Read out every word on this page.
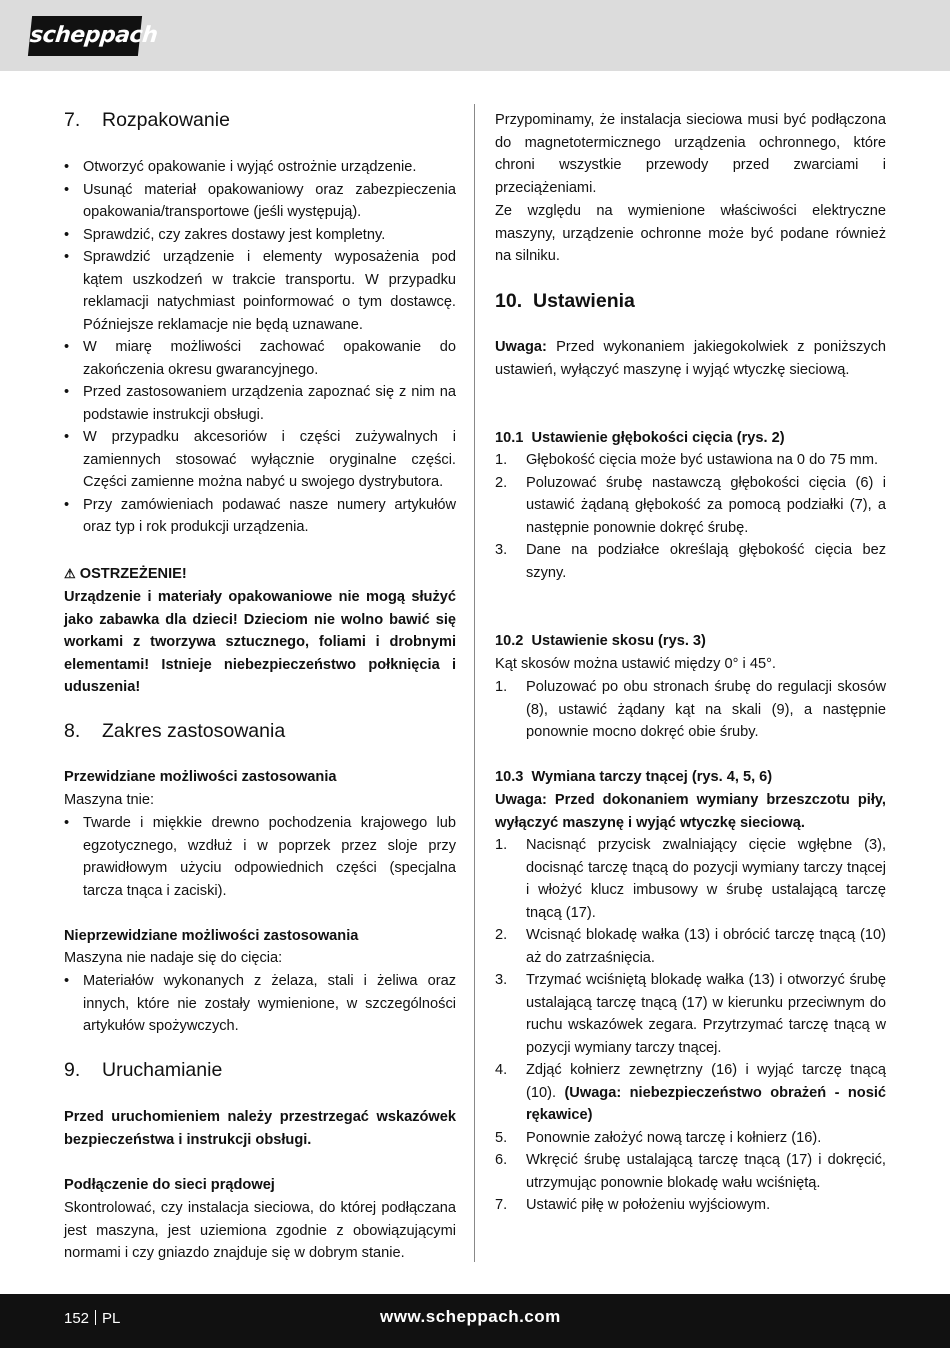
scheppach
7. Rozpakowanie
• Otworzyć opakowanie i wyjąć ostrożnie urządzenie.
• Usunąć materiał opakowaniowy oraz zabezpieczenia opakowania/transportowe (jeśli występują).
• Sprawdzić, czy zakres dostawy jest kompletny.
• Sprawdzić urządzenie i elementy wyposażenia pod kątem uszkodzeń w trakcie transportu. W przypadku reklamacji natychmiast poinformować o tym dostawcę. Późniejsze reklamacje nie będą uznawane.
• W miarę możliwości zachować opakowanie do zakończenia okresu gwarancyjnego.
• Przed zastosowaniem urządzenia zapoznać się z nim na podstawie instrukcji obsługi.
• W przypadku akcesoriów i części zużywalnych i zamiennych stosować wyłącznie oryginalne części. Części zamienne można nabyć u swojego dystrybutora.
• Przy zamówieniach podawać nasze numery artykułów oraz typ i rok produkcji urządzenia.
⚠ OSTRZEŻENIE!

Urządzenie i materiały opakowaniowe nie mogą służyć jako zabawka dla dzieci! Dzieciom nie wolno bawić się workami z tworzywa sztucznego, foliami i drobnymi elementami! Istnieje niebezpieczeństwo połknięcia i uduszenia!

8. Zakres zastosowania

Przewidziane możliwości zastosowania

Maszyna tnie:

• Twarde i miękkie drewno pochodzenia krajowego lub egzotycznego, wzdłuż i w poprzek przez sloje przy prawidłowym użyciu odpowiednich części (specjalna tarcza tnąca i zaciski).

Nieprzewidziane możliwości zastosowania

Maszyna nie nadaje się do cięcia:

• Materiałów wykonanych z żelaza, stali i żeliwa oraz innych, które nie zostały wymienione, w szczególności artykułów spożywczych.
9. Uruchamianie

Przed uruchomieniem należy przestrzegać wskazówek bezpieczeństwa i instrukcji obsługi.

Podłączenie do sieci prądowej

Skontrolować, czy instalacja sieciowa, do której podłączana jest maszyna, jest uziemiona zgodnie z obowiązującymi normami i czy gniazdo znajduje się w dobrym stanie.

Przypominamy, że instalacja sieciowa musi być podłączona do magnetotermicznego urządzenia ochronnego, które chroni wszystkie przewody przed zwarciami i przeciążeniami.

Ze względu na wymienione właściwości elektryczne maszyny, urządzenie ochronne może być podane również na silniku.

10. Ustawienia

Uwaga: Przed wykonaniem jakiegokolwiek z poniższych ustawień, wyłączyć maszynę i wyjąć wtyczkę sieciową.

10.1 Ustawienie głębokości cięcia (rys. 2)

1. Głębokość cięcia może być ustawiona na 0 do 75 mm.
2. Poluzować śrubę nastawczą głębokości cięcia (6) i ustawić żądaną głębokość za pomocą podziałki (7), a następnie ponownie dokręć śrubę.
3. Dane na podziałce określają głębokość cięcia bez szyny.

10.2 Ustawienie skosu (rys. 3)

Kąt skosów można ustawić między 0° i 45°.

1. Poluzować po obu stronach śrubę do regulacji skosów (8), ustawić żądany kąt na skali (9), a następnie ponownie mocno dokręć obie śruby.

10.3 Wymiana tarczy tnącej (rys. 4, 5, 6)

Uwaga: Przed dokonaniem wymiany brzeszczotu piły, wyłączyć maszynę i wyjąć wtyczkę sieciową.

1. Nacisnąć przycisk zwalniający cięcie wgłębne (3), docisnąć tarczę tnącą do pozycji wymiany tarczy tnącej i włożyć klucz imbusowy w śrubę ustalającą tarczę tnącą (17).
2. Wcisnąć blokadę wałka (13) i obrócić tarczę tnącą (10) aż do zatrzaśnięcia.
3. Trzymać wciśniętą blokadę wałka (13) i otworzyć śrubę ustalającą tarczę tnącą (17) w kierunku przeciwnym do ruchu wskazówek zegara. Przytrzymać tarczę tnącą w pozycji wymiany tarczy tnącej.
4. Zdjąć kołnierz zewnętrzny (16) i wyjąć tarczę tnącą (10). (Uwaga: niebezpieczeństwo obrażeń - nosić rękawice)
5. Ponownie założyć nową tarczę i kołnierz (16).
6. Wkręcić śrubę ustalającą tarczę tnącą (17) i dokręcić, utrzymując ponownie blokadę wału wciśniętą.
7. Ustawić piłę w położeniu wyjściowym.
152 PL	www.scheppach.com
